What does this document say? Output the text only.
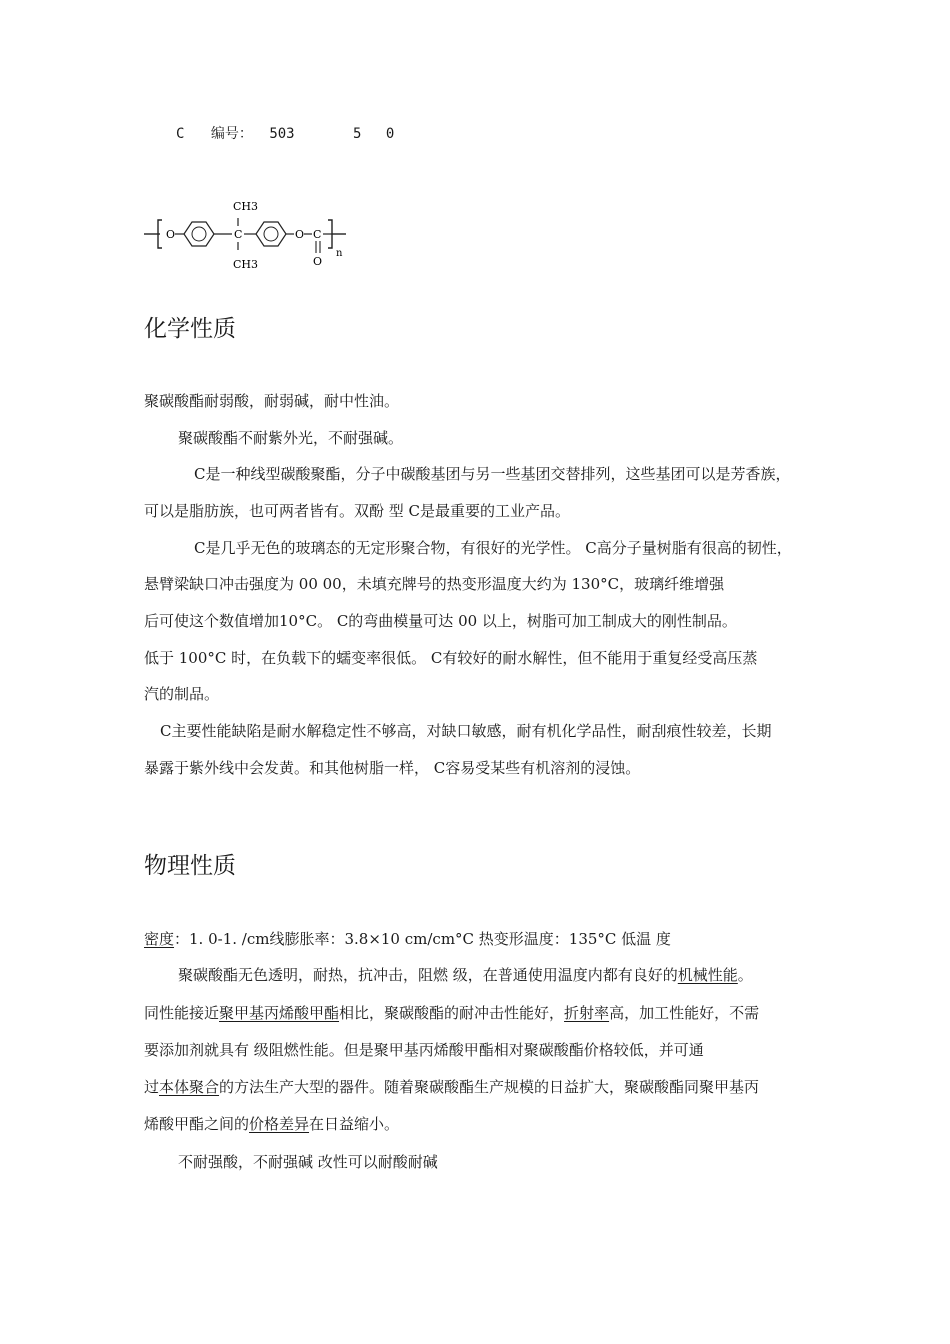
C 编号： 503	5 0
O	C
CH3
CH3
O C
O
n
化学性质
聚碳酸酯耐弱酸，耐弱碱，耐中性油。
聚碳酸酯不耐紫外光，不耐强碱。
C是一种线型碳酸聚酯，分子中碳酸基团与另一些基团交替排列，这些基团可以是芳香族，
可以是脂肪族，也可两者皆有。双酚 型 C是最重要的工业产品。
C是几乎无色的玻璃态的无定形聚合物，有很好的光学性。 C高分子量树脂有很高的韧性，
悬臂梁缺口冲击强度为 00 00，未填充牌号的热变形温度大约为 130°C，玻璃纤维增强
后可使这个数值增加10°C。 C的弯曲模量可达 00 以上，树脂可加工制成大的刚性制品。
低于 100°C 时，在负载下的蠕变率很低。 C有较好的耐水解性，但不能用于重复经受高压蒸
汽的制品。
C主要性能缺陷是耐水解稳定性不够高，对缺口敏感，耐有机化学品性，耐刮痕性较差，长期
暴露于紫外线中会发黄。和其他树脂一样， C容易受某些有机溶剂的浸蚀。
物理性质
密度：1. 0-1. /cm线膨胀率：3.8×10 cm/cm°C 热变形温度：135°C 低温 度
聚碳酸酯无色透明，耐热，抗冲击，阻燃 级，在普通使用温度内都有良好的机械性能。
同性能接近聚甲基丙烯酸甲酯相比，聚碳酸酯的耐冲击性能好，折射率高，加工性能好，不需
要添加剂就具有 级阻燃性能。但是聚甲基丙烯酸甲酯相对聚碳酸酯价格较低，并可通
过本体聚合的方法生产大型的器件。随着聚碳酸酯生产规模的日益扩大，聚碳酸酯同聚甲基丙
烯酸甲酯之间的价格差异在日益缩小。
不耐强酸，不耐强碱 改性可以耐酸耐碱
